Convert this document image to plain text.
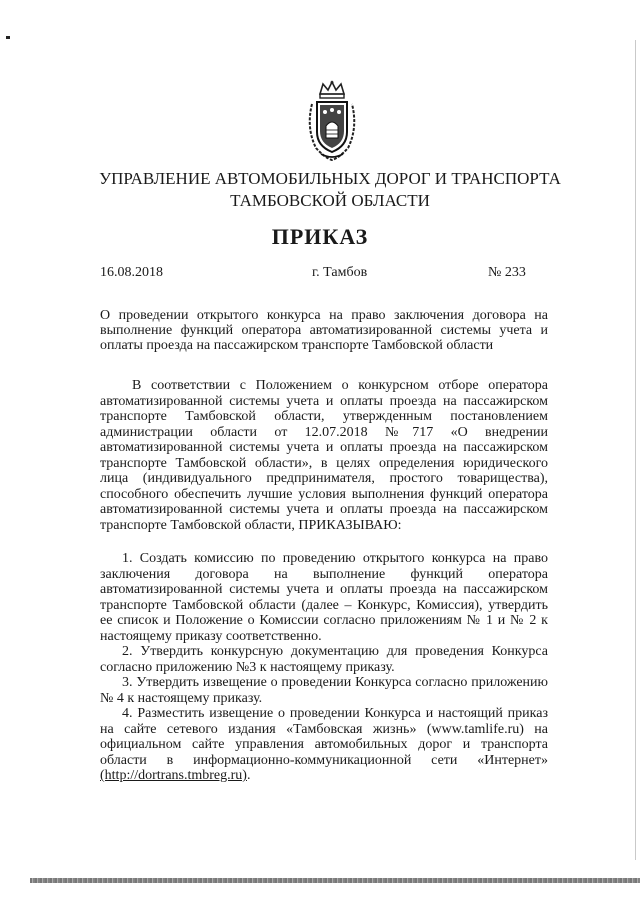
УПРАВЛЕНИЕ АВТОМОБИЛЬНЫХ ДОРОГ И ТРАНСПОРТА
ТАМБОВСКОЙ ОБЛАСТИ
ПРИКАЗ
16.08.2018	г. Тамбов	№ 233
О проведении открытого конкурса на право заключения договора на выполнение функций оператора автоматизированной системы учета и оплаты проезда на пассажирском транспорте Тамбовской области

В соответствии с Положением о конкурсном отборе оператора автоматизированной системы учета и оплаты проезда на пассажирском транспорте Тамбовской области, утвержденным постановлением администрации области от 12.07.2018 №717 «О внедрении автоматизированной системы учета и оплаты проезда на пассажирском транспорте Тамбовской области», в целях определения юридического лица (индивидуального предпринимателя, простого товарищества), способного обеспечить лучшие условия выполнения функций оператора автоматизированной системы учета и оплаты проезда на пассажирском транспорте Тамбовской области, ПРИКАЗЫВАЮ:

1. Создать комиссию по проведению открытого конкурса на право заключения договора на выполнение функций оператора автоматизированной системы учета и оплаты проезда на пассажирском транспорте Тамбовской области (далее – Конкурс, Комиссия), утвердить ее список и Положение о Комиссии согласно приложениям № 1 и № 2 к настоящему приказу соответственно.

2. Утвердить конкурсную документацию для проведения Конкурса согласно приложению №3 к настоящему приказу.

3. Утвердить извещение о проведении Конкурса согласно приложению № 4 к настоящему приказу.

4. Разместить извещение о проведении Конкурса и настоящий приказ на сайте сетевого издания «Тамбовская жизнь» (www.tamlife.ru) на официальном сайте управления автомобильных дорог и транспорта области в информационно-коммуникационной сети «Интернет» (http://dortrans.tmbreg.ru).
